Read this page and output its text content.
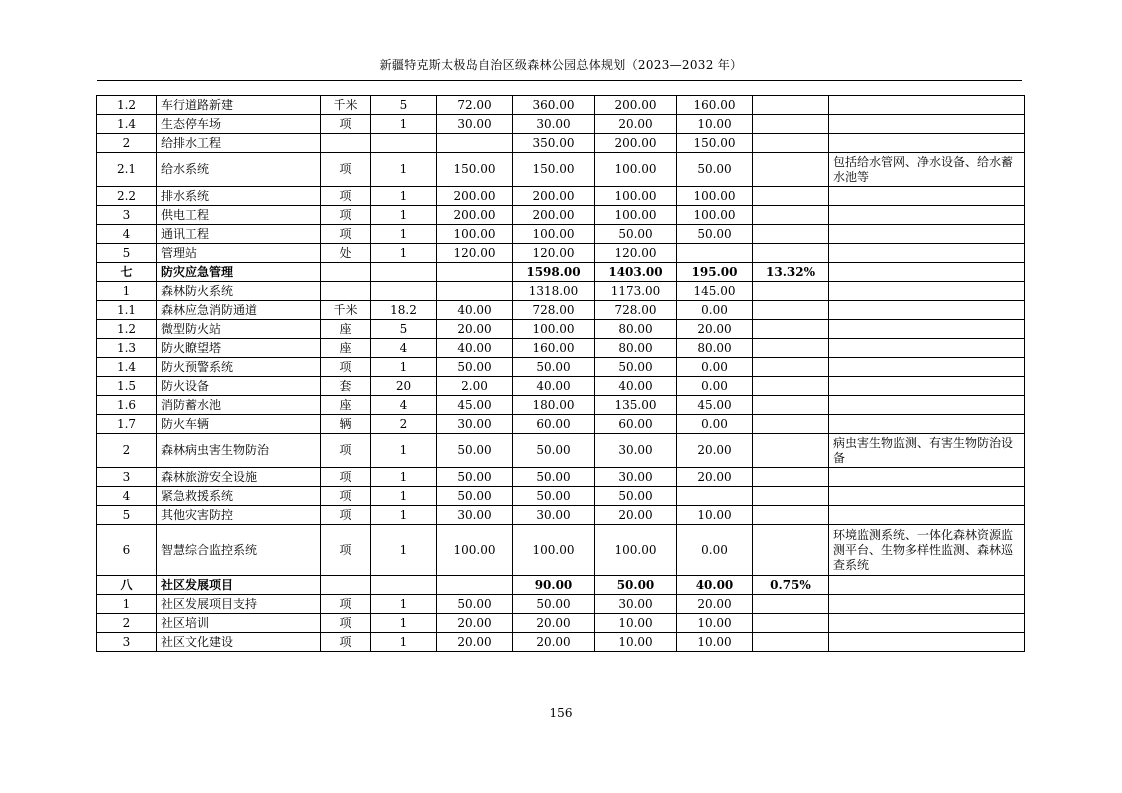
新疆特克斯太极岛自治区级森林公园总体规划（2023—2032 年）
1.2	车行道路新建	千米	5	72.00	360.00	200.00	160.00		
1.4	生态停车场	项	1	30.00	30.00	20.00	10.00		
2	给排水工程				350.00	200.00	150.00		
2.1	给水系统	项	1	150.00	150.00	100.00	50.00		包括给水管网、净水设备、给水蓄水池等
2.2	排水系统	项	1	200.00	200.00	100.00	100.00		
3	供电工程	项	1	200.00	200.00	100.00	100.00		
4	通讯工程	项	1	100.00	100.00	50.00	50.00		
5	管理站	处	1	120.00	120.00	120.00			
七	防灾应急管理				1598.00	1403.00	195.00	13.32%	
1	森林防火系统				1318.00	1173.00	145.00		
1.1	森林应急消防通道	千米	18.2	40.00	728.00	728.00	0.00		
1.2	微型防火站	座	5	20.00	100.00	80.00	20.00		
1.3	防火瞭望塔	座	4	40.00	160.00	80.00	80.00		
1.4	防火预警系统	项	1	50.00	50.00	50.00	0.00		
1.5	防火设备	套	20	2.00	40.00	40.00	0.00		
1.6	消防蓄水池	座	4	45.00	180.00	135.00	45.00		
1.7	防火车辆	辆	2	30.00	60.00	60.00	0.00		
2	森林病虫害生物防治	项	1	50.00	50.00	30.00	20.00		病虫害生物监测、有害生物防治设备
3	森林旅游安全设施	项	1	50.00	50.00	30.00	20.00		
4	紧急救援系统	项	1	50.00	50.00	50.00			
5	其他灾害防控	项	1	30.00	30.00	20.00	10.00		
6	智慧综合监控系统	项	1	100.00	100.00	100.00	0.00		环境监测系统、一体化森林资源监测平台、生物多样性监测、森林巡查系统
八	社区发展项目				90.00	50.00	40.00	0.75%	
1	社区发展项目支持	项	1	50.00	50.00	30.00	20.00		
2	社区培训	项	1	20.00	20.00	10.00	10.00		
3	社区文化建设	项	1	20.00	20.00	10.00	10.00		
156
